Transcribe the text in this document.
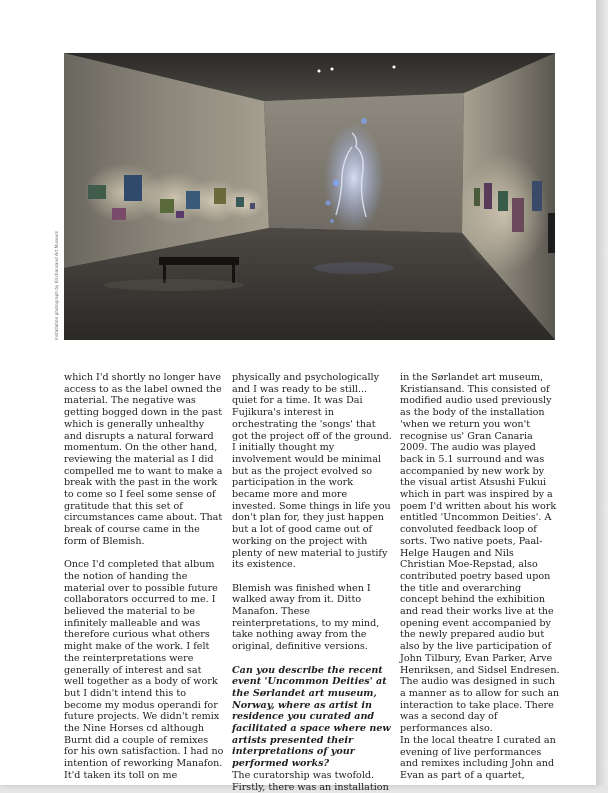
Installation photograph by Kristiansand Art Museum

which I'd shortly no longer have access to as the label owned the material. The negative was getting bogged down in the past which is generally unhealthy and disrupts a natural forward momentum. On the other hand, reviewing the material as I did compelled me to want to make a break with the past in the work to come so I feel some sense of gratitude that this set of circumstances came about. That break of course came in the form of Blemish.

Once I'd completed that album the notion of handing the material over to possible future collaborators occurred to me. I believed the material to be infinitely malleable and was therefore curious what others might make of the work. I felt the reinterpretations were generally of interest and sat well together as a body of work but I didn't intend this to become my modus operandi for future projects. We didn't remix the Nine Horses cd although Burnt did a couple of remixes for his own satisfaction. I had no intention of reworking Manafon. It'd taken its toll on me

physically and psychologically and I was ready to be still... quiet for a time. It was Dai Fujikura's interest in orchestrating the 'songs' that got the project off of the ground. I initially thought my involvement would be minimal but as the project evolved so participation in the work became more and more invested. Some things in life you don't plan for, they just happen but a lot of good came out of working on the project with plenty of new material to justify its existence.

Blemish was finished when I walked away from it. Ditto Manafon. These reinterpretations, to my mind, take nothing away from the original, definitive versions.

Can you describe the recent event 'Uncommon Deities' at the Sørlandet art museum, Norway, where as artist in residence you curated and facilitated a space where new artists presented their interpretations of your performed works?

The curatorship was twofold. Firstly, there was an installation

in the Sørlandet art museum, Kristiansand. This consisted of modified audio used previously as the body of the installation 'when we return you won't recognise us' Gran Canaria 2009. The audio was played back in 5.1 surround and was accompanied by new work by the visual artist Atsushi Fukui which in part was inspired by a poem I'd written about his work entitled 'Uncommon Deities'. A convoluted feedback loop of sorts. Two native poets, Paal-Helge Haugen and Nils Christian Moe-Repstad, also contributed poetry based upon the title and overarching concept behind the exhibition and read their works live at the opening event accompanied by the newly prepared audio but also by the live participation of John Tilbury, Evan Parker, Arve Henriksen, and Sidsel Endresen. The audio was designed in such a manner as to allow for such an interaction to take place. There was a second day of performances also.

In the local theatre I curated an evening of live performances and remixes including John and Evan as part of a quartet,
